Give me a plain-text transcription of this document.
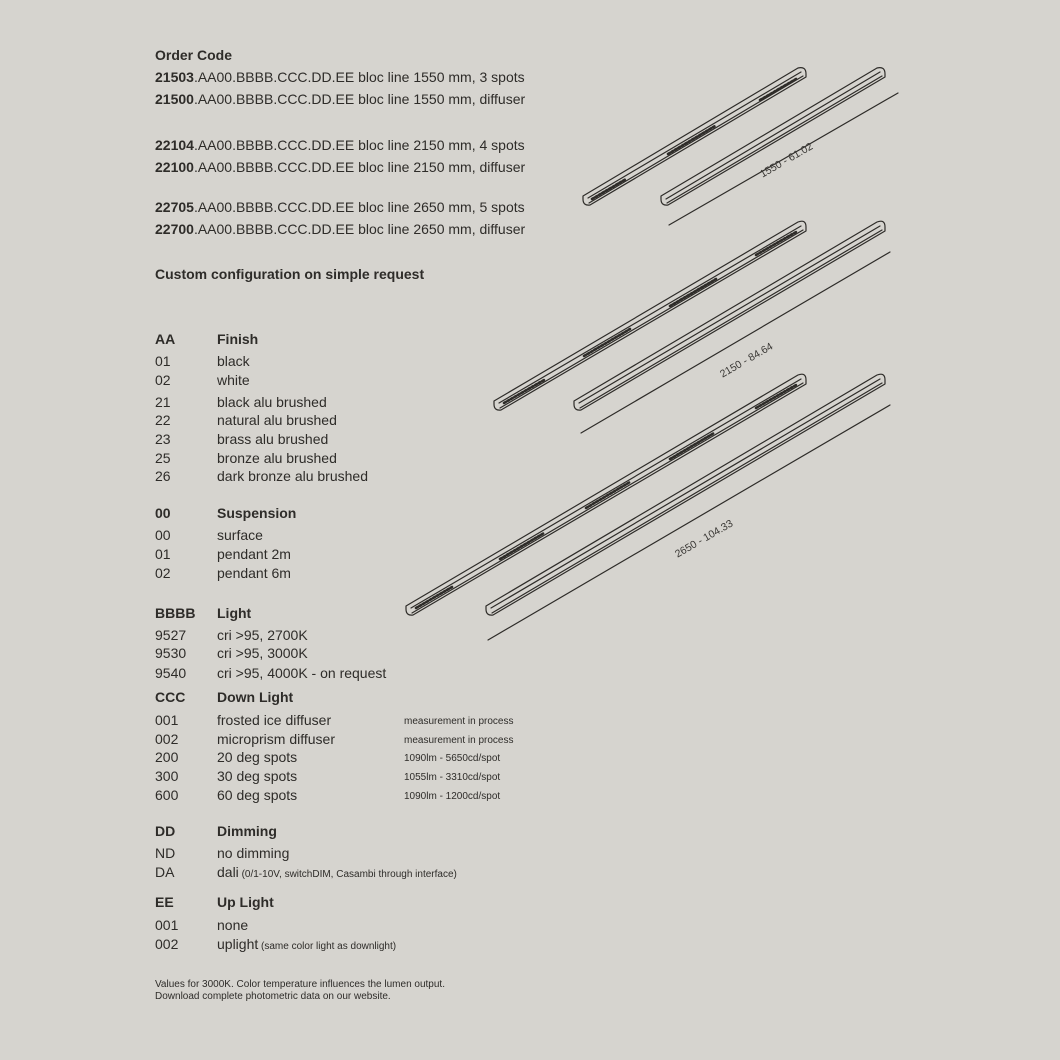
Order Code
21503.AA00.BBBB.CCC.DD.EE bloc line 1550 mm, 3 spots
21500.AA00.BBBB.CCC.DD.EE bloc line 1550 mm, diffuser
22104.AA00.BBBB.CCC.DD.EE bloc line 2150 mm, 4 spots
22100.AA00.BBBB.CCC.DD.EE bloc line 2150 mm, diffuser
22705.AA00.BBBB.CCC.DD.EE bloc line 2650 mm, 5 spots
22700.AA00.BBBB.CCC.DD.EE bloc line 2650 mm, diffuser
Custom configuration on simple request
AA	Finish
01	black
02	white
21	black alu brushed
22	natural alu brushed
23	brass alu brushed
25	bronze alu brushed
26	dark bronze alu brushed
00	Suspension
00	surface
01	pendant 2m
02	pendant 6m
BBBB Light
9527 cri >95, 2700K
9530 cri >95, 3000K
9540 cri >95, 4000K - on request
CCC Down Light
001	frosted ice diffuser	measurement in process
002	microprism diffuser	measurement in process
200	20 deg spots	1090lm - 5650cd/spot
300	30 deg spots	1055lm - 3310cd/spot
600	60 deg spots	1090lm - 1200cd/spot
DD	Dimming
ND	no dimming
DA	dali (0/1-10V, switchDIM, Casambi through interface)
EE	Up Light
001	none
002	uplight (same color light as downlight)
Values for 3000K. Color temperature influences the lumen output.
Download complete photometric data on our website.
1550 - 61.02
2150 - 84.64
2650 - 104.33
